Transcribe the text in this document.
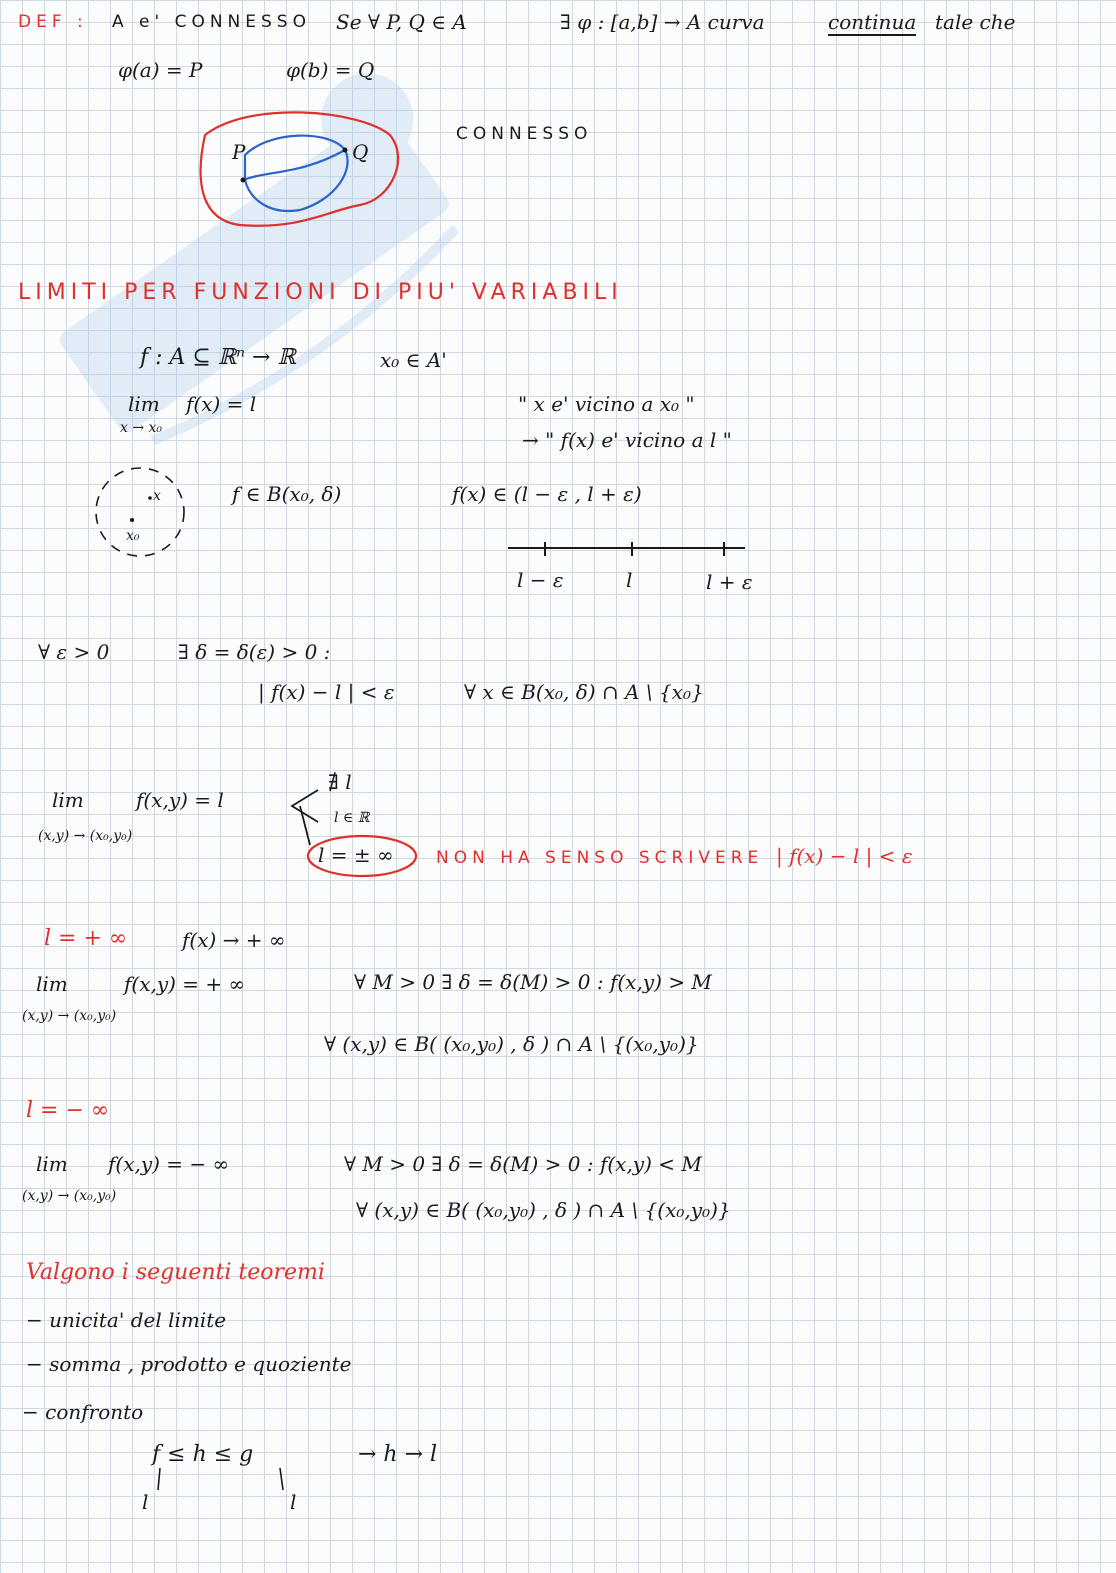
DEF : A e' CONNESSO Se ∀ P, Q ∈ A	∃ φ : [a,b] → A curva	continua tale che
φ(a) = P	φ(b) = Q
P	Q
CONNESSO
LIMITI PER FUNZIONI DI PIU' VARIABILI
f : A ⊆ ℝⁿ → ℝ	x₀ ∈ A'
lim f(x) = l
x → x₀
" x e' vicino a x₀ "
→ " f(x) e' vicino a l "
x
x₀
f ∈ B(x₀, δ)	f(x) ∈ (l − ε , l + ε)
l − ε	l	l + ε
∀ ε > 0	∃ δ = δ(ε) > 0 :
| f(x) − l | < ε	∀ x ∈ B(x₀, δ) ∩ A \ {x₀}
lim	f(x,y) = l
(x,y) → (x₀,y₀)
∄ l
l ∈ ℝ
l = ± ∞ NON HA SENSO SCRIVERE | f(x) − l | < ε
l = + ∞	f(x) → + ∞
lim	f(x,y) = + ∞
(x,y) → (x₀,y₀)
∀ M > 0 ∃ δ = δ(M) > 0 : f(x,y) > M
∀ (x,y) ∈ B( (x₀,y₀) , δ ) ∩ A \ {(x₀,y₀)}
l = − ∞
lim f(x,y) = − ∞
(x,y) → (x₀,y₀)
∀ M > 0 ∃ δ = δ(M) > 0 : f(x,y) < M
∀ (x,y) ∈ B( (x₀,y₀) , δ ) ∩ A \ {(x₀,y₀)}
Valgono i seguenti teoremi
− unicita' del limite
− somma , prodotto e quoziente
− confronto
f ≤ h ≤ g	→ h → l
l	l
